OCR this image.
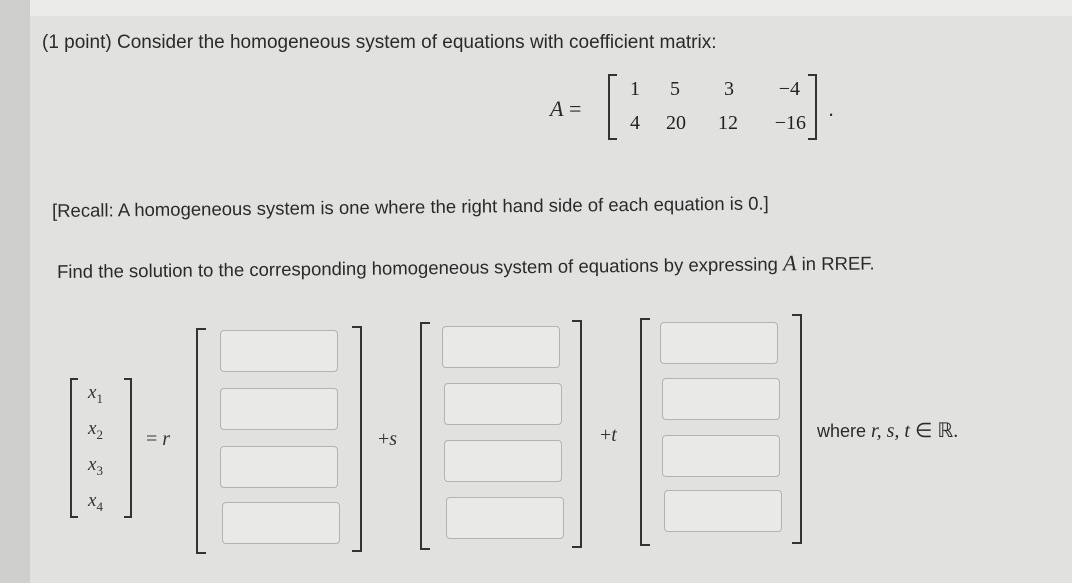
(1 point) Consider the homogeneous system of equations with coefficient matrix:
A =
1	5	3	−4
4	20	12	−16
.
[Recall: A homogeneous system is one where the right hand side of each equation is 0.]
Find the solution to the corresponding homogeneous system of equations by expressing A in RREF.
$x_1$
$x_2$
$x_3$
$x_4$
= r	+s	+t	where r, s, t ∈ ℝ.
